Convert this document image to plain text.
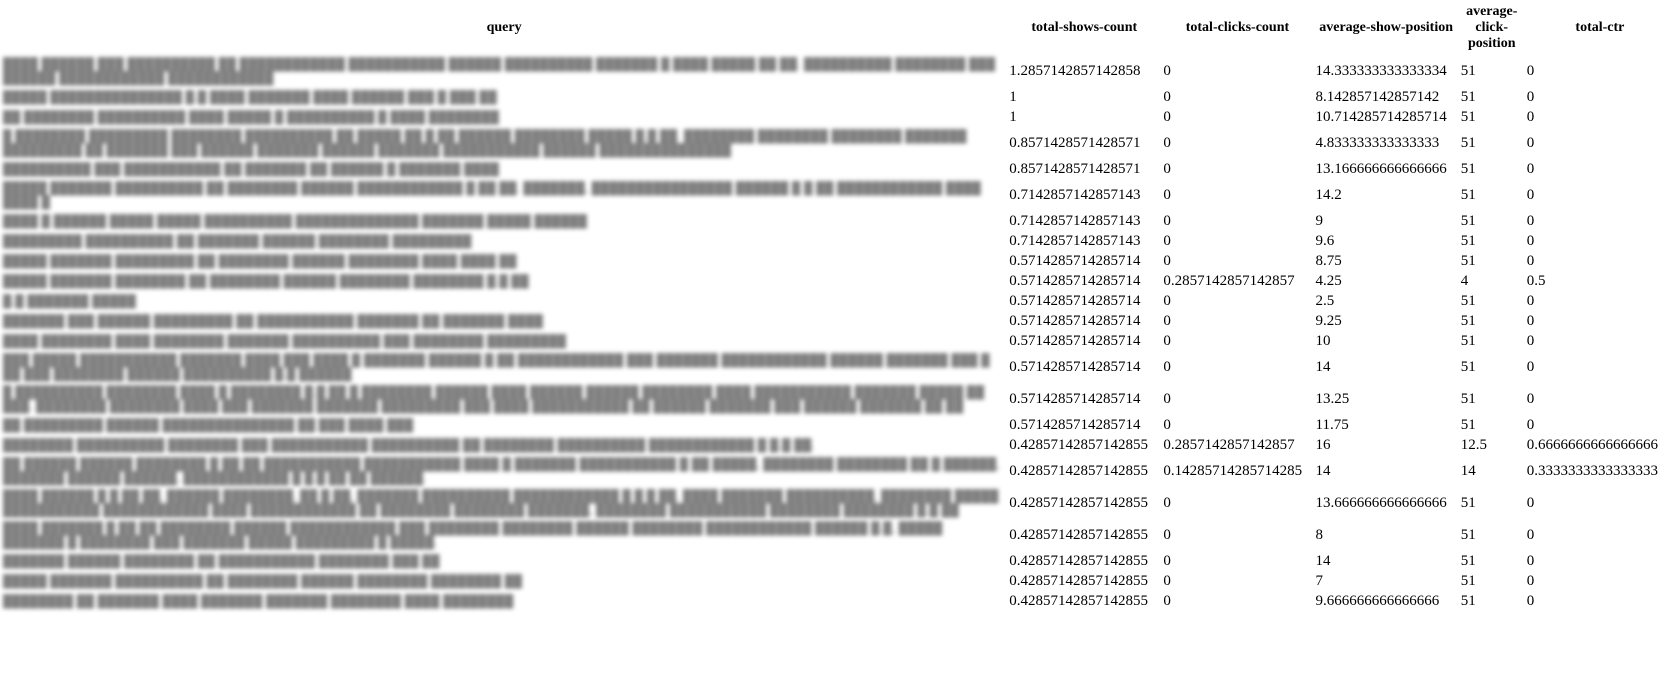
query	total-shows-count	total-clicks-count	average-show-position	average-click-position	total-ctr
████ ██████ ███ ██████████ ██ ████████████ ███████████ ██████ ██████████ ███████ █ ████ █████ ██ ██. ██████████ ████████ ███ ██████ ████████████ ████████████	1.2857142857142858	0	14.333333333333334	51	0
█████ ███████████████ █.█ ████ ███████ ████ ██████ ███ █ ███ ██	1	0	8.142857142857142	51	0
██ ████████ ██████████ ████ █████ █ ██████████ █ ████ ████████	1	0	10.714285714285714	51	0
█ ████████ █████████ ████████ ██████████ ██ █████ ██ █ ██ ██████ ████████ █████ █.█ ██. ████████ ████████ ████████ ███████ █████████ ██ ███████ ███ ██████ ███████ ██████ ███████ ███████████ ██████ ███████████████	0.8571428571428571	0	4.833333333333333	51	0
██████████ ███ ███████████ ██ ███████ ██ ██████ █ ███████ ████	0.8571428571428571	0	13.166666666666666	51	0
█████ ███████ ██████████ ██ ████████ ██████ ████████████ █ ██ ██. ███████, ████████████████ ██████ █ █ ██ ████████████ ████ ████ █	0.7142857142857143	0	14.2	51	0
████ █ ██████ █████ █████ ██████████ ██████████████ ███████ █████ ██████	0.7142857142857143	0	9	51	0
█████████ ██████████ ██ ███████ ██████ ████████ █████████	0.7142857142857143	0	9.6	51	0
█████ ███████ █████████ ██ ████████ ██████ ████████ ████ ████ ██	0.5714285714285714	0	8.75	51	0
█████ ███████ ████████ ██ ████████ ██████ ████████ ████████ █.█ ██	0.5714285714285714	0.2857142857142857	4.25	4	0.5
█.█ ███████ █████	0.5714285714285714	0	2.5	51	0
███████ ███ ██████ █████████ ██ ███████████ ███████ ██ ███████ ████	0.5714285714285714	0	9.25	51	0
████ ████████ ████ ████████ ███████ ██████████ ███ ████████ █████████	0.5714285714285714	0	10	51	0
███ █████ ███████████ ███████ ████ ███ ████ █ ███████ ██████ █ ██ ████████████ ███ ███████ ████████████ ██████ ███████ ███ █ ██ ███ ████████ ██████ ██████████ █.█ ██████	0.5714285714285714	0	14	51	0
█ ██████████ ████████ ████ █ ████████ █.█ ██ █ ████████ ██████ ████ ██████ ██████ ████████ ████ ███████████ ███████ █████ ██ ███. ████████ ████████ ████ ███ ███████ ███████ █████████ ███ ████ ███████████ ██ ██████ ███████ ███ ██████ ███████ ██ ██	0.5714285714285714	0	13.25	51	0
██ █████████ ██████ ███████████████ ██ ███ ████ ███	0.5714285714285714	0	11.75	51	0
████████ ██████████ ████████ ███ ███████████ ██████████ ██ ████████ ██████████ ████████████ █ █.█ ██.	0.42857142857142855	0.2857142857142857	16	12.5	0.6666666666666666
██ ██████ ██████ ████████ █ ██ ██ ███████████ ███████████ ████ █ ███████ ███████████ █ ██ █████, ████████ ████████ ██ █ ██████, ███████ ██████ ██████, ████████████ █ █.█ ██ ██ ██████.	0.42857142857142855	0.14285714285714285	14	14	0.3333333333333333
████ ██████ █ █ ██ ██, ██████ ████████, ██ █ ██, ███████ ██████████ ████████████ █ █ █ ██, ████ ███████ ██████████, ████████ █████ ███████████ ████████████ ████ ████████████ ██ ████████ ████████ ███████, ████████ ███████████ ████████ ████████ █.█ ██	0.42857142857142855	0	13.666666666666666	51	0
████ ███████ █ ██ ██ ████████ ██████ ████████████ ███ ████████ ████████ ██████ ████████ ████████████ ██████ █.█, █████ ███████ █ ████████ ███ ███████ █████ █████████ █ █████.	0.42857142857142855	0	8	51	0
███████ ██████ ████████ ██ ███████████ ████████ ███ ██	0.42857142857142855	0	14	51	0
█████ ███████ ██████████ ██ ████████ ██████ ████████ ████████ ██	0.42857142857142855	0	7	51	0
████████ ██ ███████ ████ ███████ ███████ ████████ ████ ████████	0.42857142857142855	0	9.666666666666666	51	0
